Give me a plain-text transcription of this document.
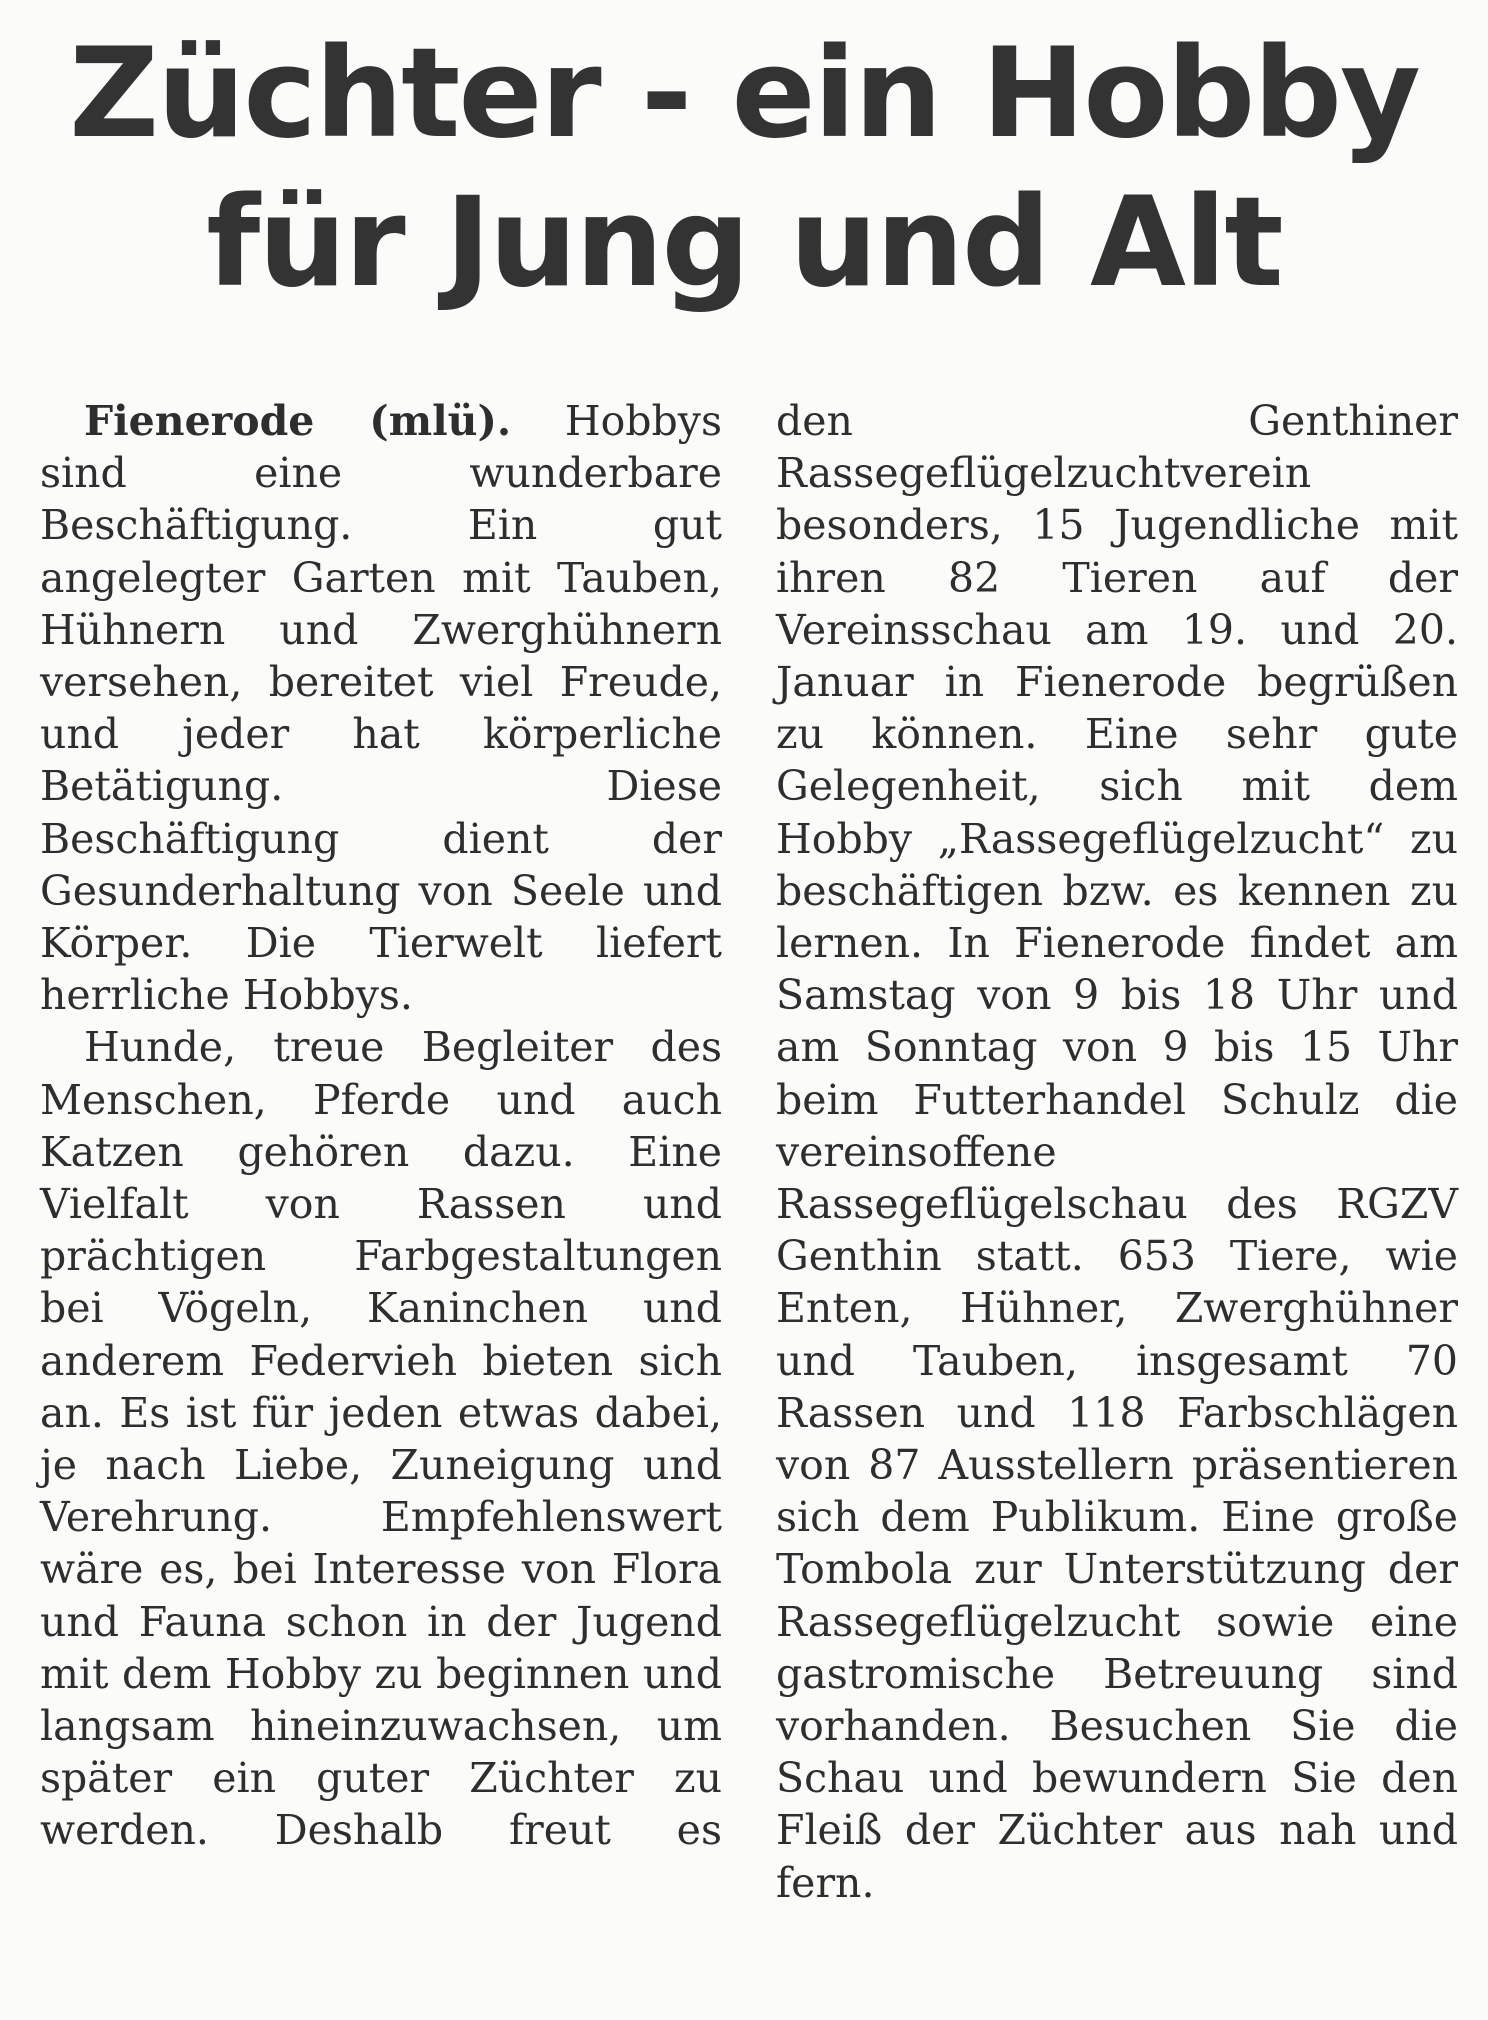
Züchter - ein Hobby
für Jung und Alt

Fienerode (mlü). Hobbys sind eine wunderbare Beschäftigung. Ein gut angelegter Garten mit Tauben, Hühnern und Zwerghühnern versehen, bereitet viel Freude, und jeder hat körperliche Betätigung. Diese Beschäftigung dient der Gesunderhaltung von Seele und Körper. Die Tierwelt liefert herrliche Hobbys.

Hunde, treue Begleiter des Menschen, Pferde und auch Katzen gehören dazu. Eine Vielfalt von Rassen und prächtigen Farbgestaltungen bei Vögeln, Kaninchen und anderem Federvieh bieten sich an. Es ist für jeden etwas dabei, je nach Liebe, Zuneigung und Verehrung. Empfehlenswert wäre es, bei Interesse von Flora und Fauna schon in der Jugend mit dem Hobby zu beginnen und langsam hineinzuwachsen, um später ein guter Züchter zu werden. Deshalb freut es

den Genthiner Rassegeflügelzuchtverein besonders, 15 Jugendliche mit ihren 82 Tieren auf der Vereinsschau am 19. und 20. Januar in Fienerode begrüßen zu können. Eine sehr gute Gelegenheit, sich mit dem Hobby „Rassegeflügelzucht“ zu beschäftigen bzw. es kennen zu lernen. In Fienerode findet am Samstag von 9 bis 18 Uhr und am Sonntag von 9 bis 15 Uhr beim Futterhandel Schulz die vereinsoffene Rassegeflügelschau des RGZV Genthin statt. 653 Tiere, wie Enten, Hühner, Zwerghühner und Tauben, insgesamt 70 Rassen und 118 Farbschlägen von 87 Ausstellern präsentieren sich dem Publikum. Eine große Tombola zur Unterstützung der Rassegeflügelzucht sowie eine gastromische Betreuung sind vorhanden. Besuchen Sie die Schau und bewundern Sie den Fleiß der Züchter aus nah und fern.
